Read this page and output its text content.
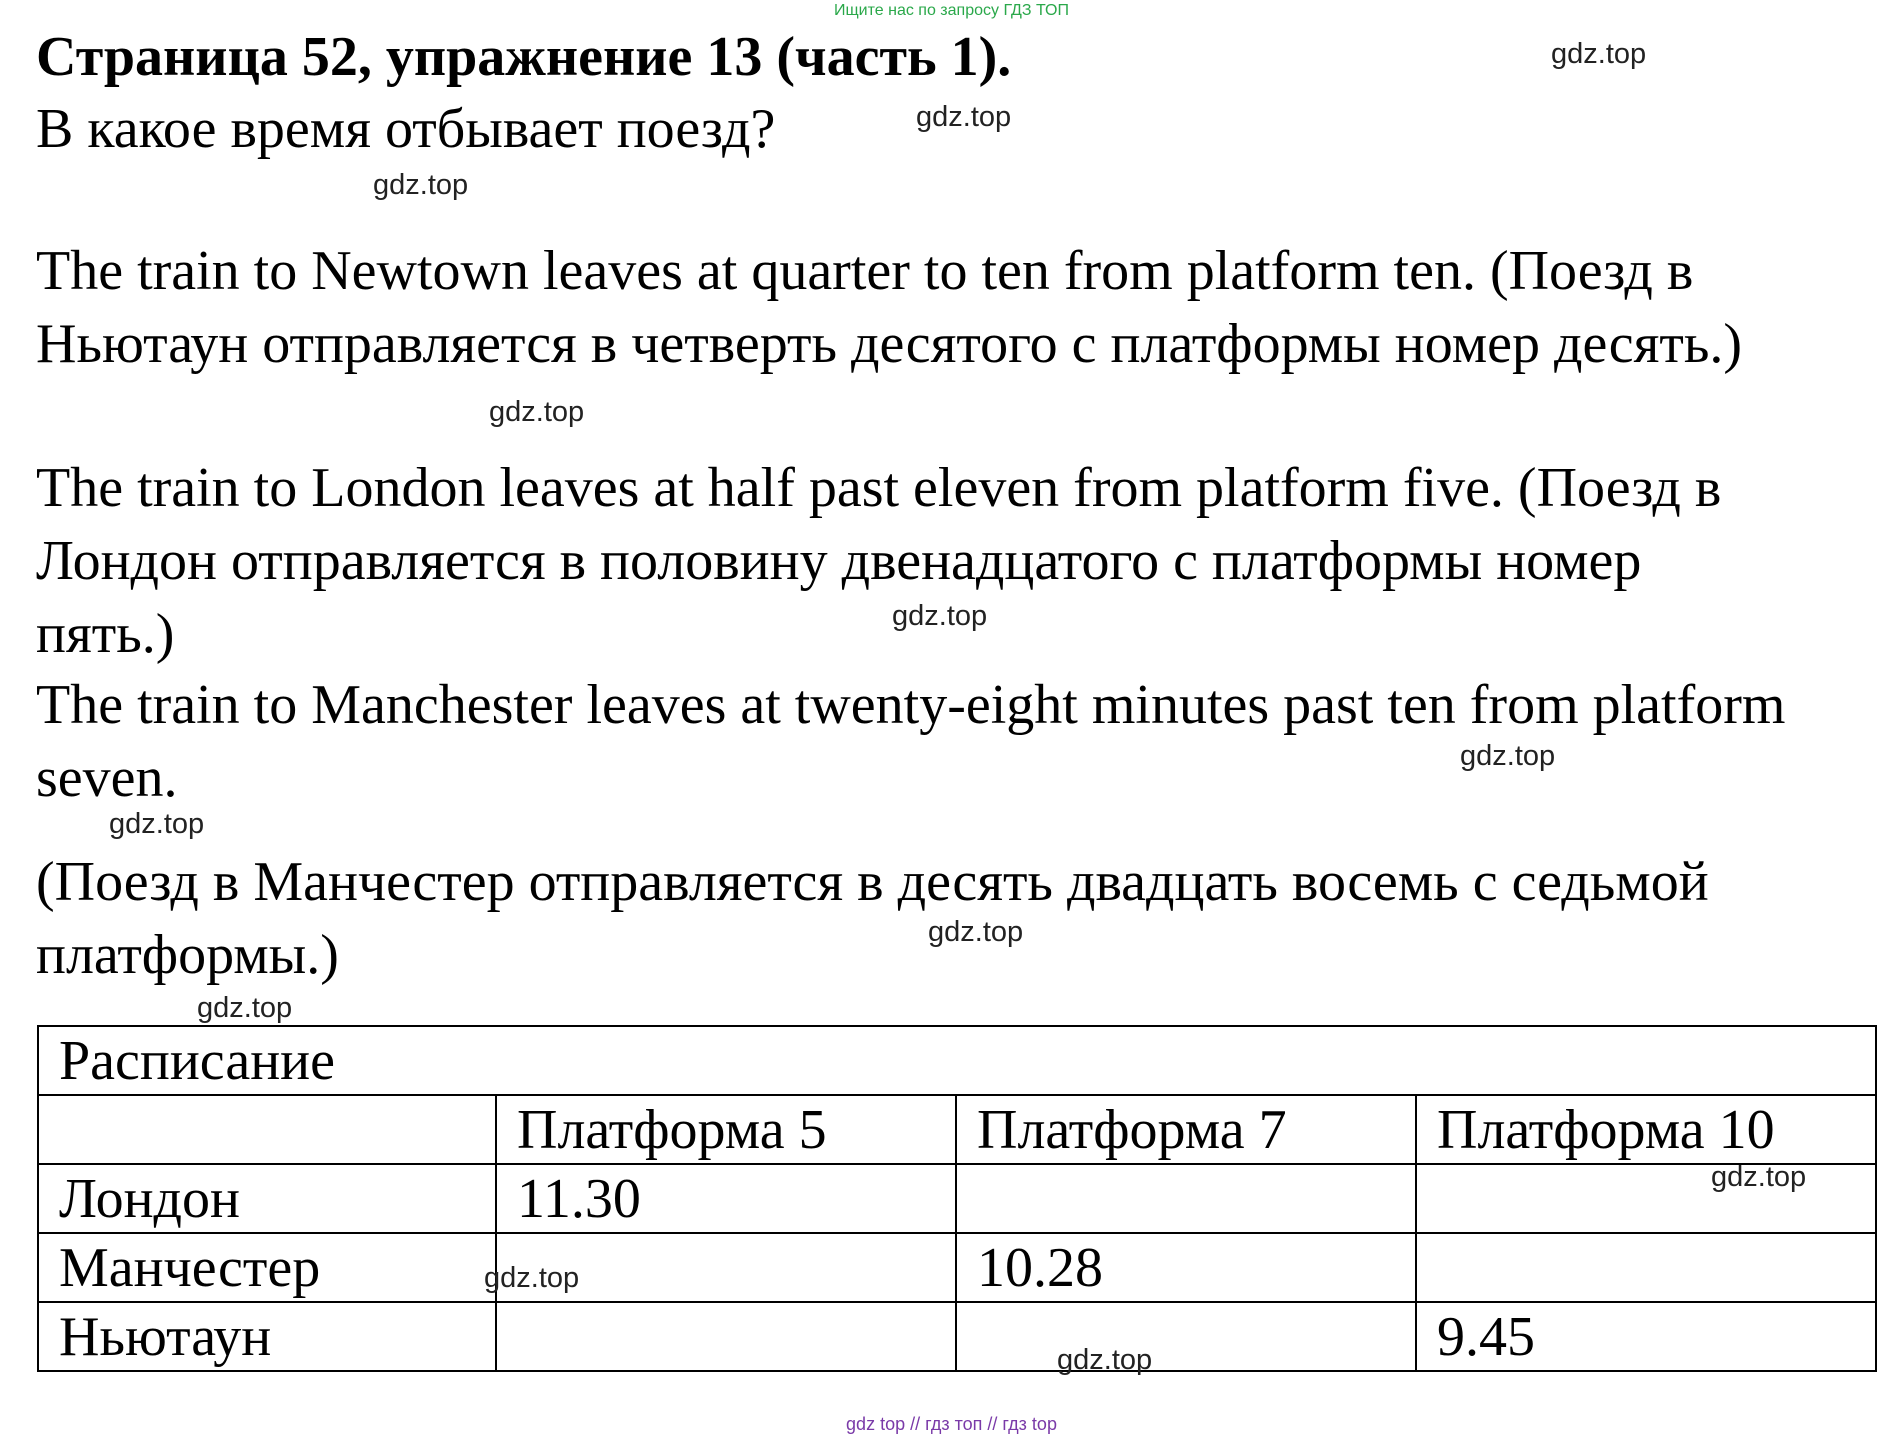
Ищите нас по запросу ГДЗ ТОП
Страница 52, упражнение 13 (часть 1).
В какое время отбывает поезд?
The train to Newtown leaves at quarter to ten from platform ten. (Поезд в
Ньютаун отправляется в четверть десятого с платформы номер десять.)
The train to London leaves at half past eleven from platform five. (Поезд в
Лондон отправляется в половину двенадцатого с платформы номер
пять.)
The train to Manchester leaves at twenty-eight minutes past ten from platform
seven.
(Поезд в Манчестер отправляется в десять двадцать восемь с седьмой
платформы.)
Расписание			
	Платформа 5	Платформа 7	Платформа 10
Лондон	11.30		
Манчестер		10.28	
Ньютаун			9.45
gdz.top
gdz.top
gdz.top
gdz.top
gdz.top
gdz.top
gdz.top
gdz.top
gdz.top
gdz.top
gdz.top
gdz.top
gdz top // гдз топ // гдз top
